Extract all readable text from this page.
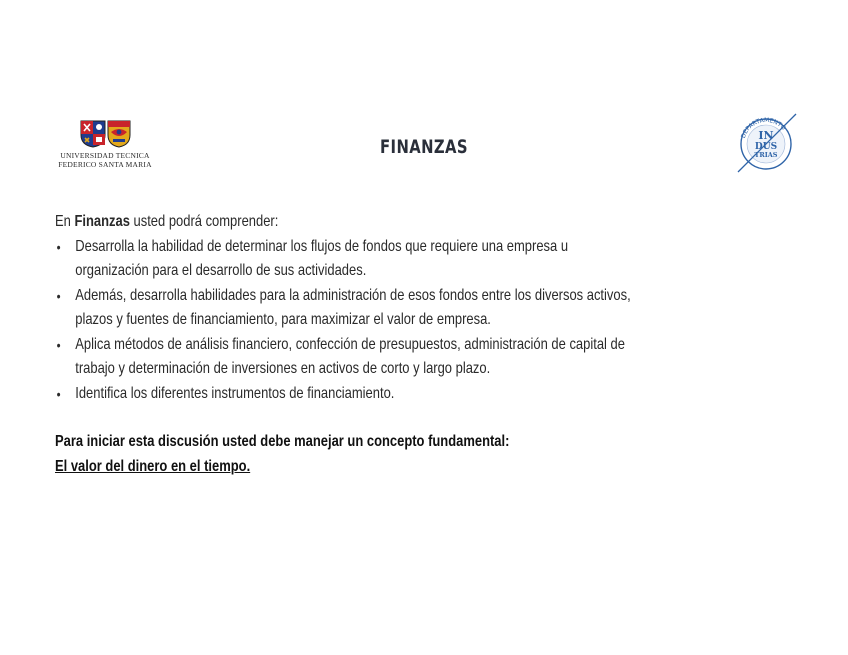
UNIVERSIDAD TECNICA
FEDERICO SANTA MARIA
FINANZAS
DEPARTAMENTO
IN
DUS
TRIAS
En Finanzas usted podrá comprender:
• Desarrolla la habilidad de determinar los flujos de fondos que requiere una empresa u
organización para el desarrollo de sus actividades.
• Además, desarrolla habilidades para la administración de esos fondos entre los diversos activos,
plazos y fuentes de financiamiento, para maximizar el valor de empresa.
• Aplica métodos de análisis financiero, confección de presupuestos, administración de capital de
trabajo y determinación de inversiones en activos de corto y largo plazo.
• Identifica los diferentes instrumentos de financiamiento.
Para iniciar esta discusión usted debe manejar un concepto fundamental:
El valor del dinero en el tiempo.
